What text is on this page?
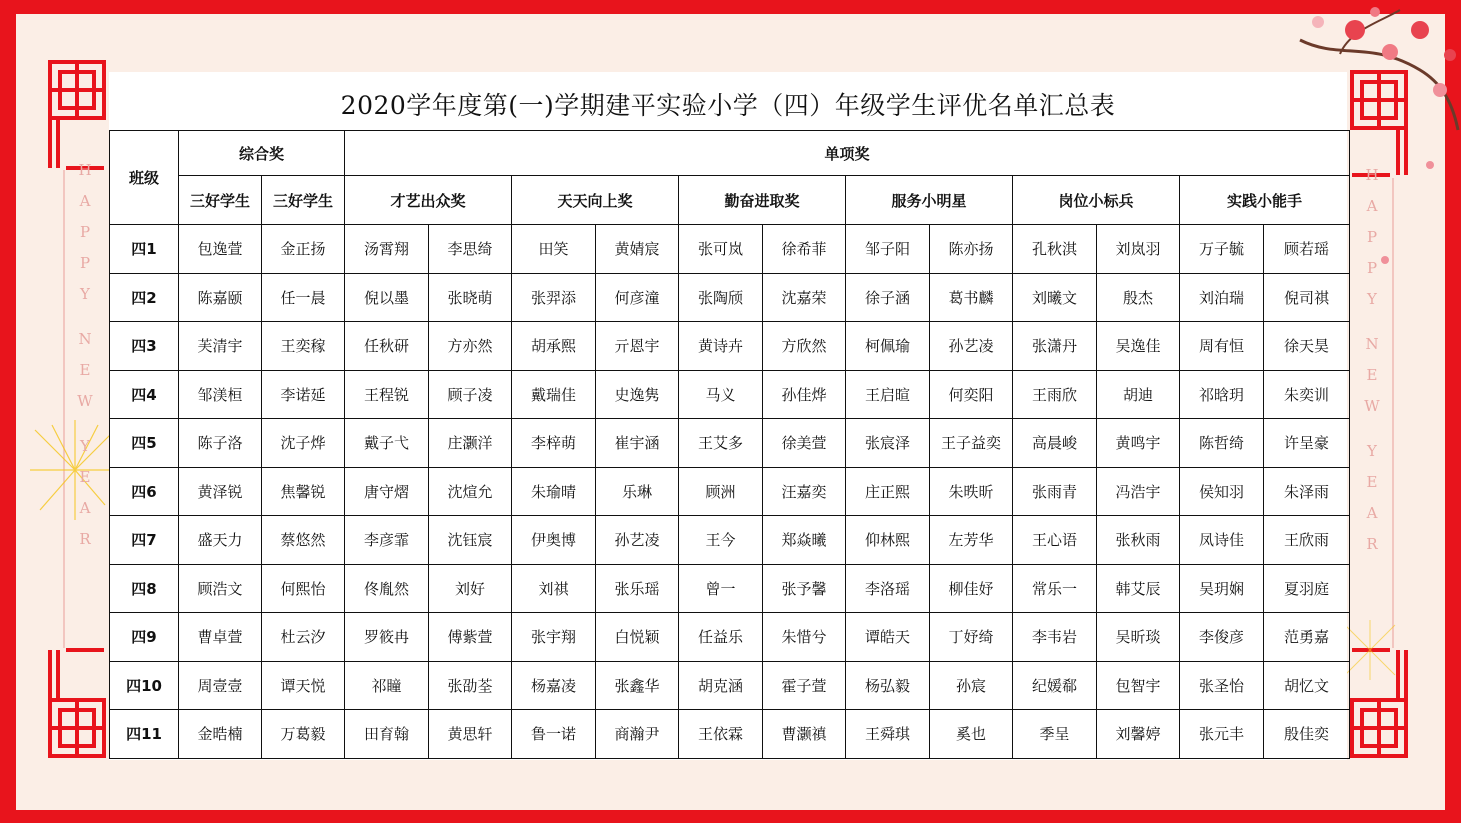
H
A
P
P
Y
N
E
W
Y
E
A
R
H
A
P
P
Y
N
E
W
Y
E
A
R
2020学年度第(一)学期建平实验小学（四）年级学生评优名单汇总表
班级	综合奖		单项奖											
	三好学生	三好学生	才艺出众奖		天天向上奖		勤奋进取奖		服务小明星		岗位小标兵		实践小能手	
四1	包逸萱	金正扬	汤霄翔	李思绮	田笑	黄婧宸	张可岚	徐希菲	邹子阳	陈亦扬	孔秋淇	刘岚羽	万子毓	顾若瑶
四2	陈嘉颐	任一晨	倪以墨	张晓萌	张羿添	何彦潼	张陶颀	沈嘉荣	徐子涵	葛书麟	刘曦文	殷杰	刘泊瑞	倪司祺
四3	芙清宇	王奕稼	任秋研	方亦然	胡承熙	亓恩宇	黄诗卉	方欣然	柯佩瑜	孙艺凌	张潇丹	吴逸佳	周有恒	徐天昊
四4	邹渼桓	李诺延	王程锐	顾子凌	戴瑞佳	史逸隽	马义	孙佳烨	王启暄	何奕阳	王雨欣	胡迪	祁晗玥	朱奕训
四5	陈子洛	沈子烨	戴子弋	庄灏洋	李梓萌	崔宇涵	王艾多	徐美萱	张宸泽	王子益奕	高晨峻	黄鸣宇	陈哲绮	许呈豪
四6	黄泽锐	焦馨锐	唐守熠	沈煊允	朱瑜晴	乐琳	顾洲	汪嘉奕	庄正熙	朱昳昕	张雨青	冯浩宇	侯知羽	朱泽雨
四7	盛天力	蔡悠然	李彦霏	沈钰宸	伊奥博	孙艺凌	王今	郑焱曦	仰林熙	左芳华	王心语	张秋雨	凤诗佳	王欣雨
四8	顾浩文	何熙怡	佟胤然	刘好	刘祺	张乐瑶	曾一	张予馨	李洛瑶	柳佳妤	常乐一	韩艾辰	吴玥娴	夏羽庭
四9	曹卓萱	杜云汐	罗筱冉	傅紫萱	张宇翔	白悦颖	任益乐	朱惜兮	谭皓天	丁妤绮	李韦岩	吴昕琰	李俊彦	范勇嘉
四10	周壹壹	谭天悦	祁瞳	张劭荃	杨嘉凌	张鑫华	胡克涵	霍子萱	杨弘毅	孙宸	纪媛郗	包智宇	张圣怡	胡忆文
四11	金晧楠	万葛毅	田育翰	黄思轩	鲁一诺	商瀚尹	王依霖	曹灏禛	王舜琪	奚也	季呈	刘馨婷	张元丰	殷佳奕
